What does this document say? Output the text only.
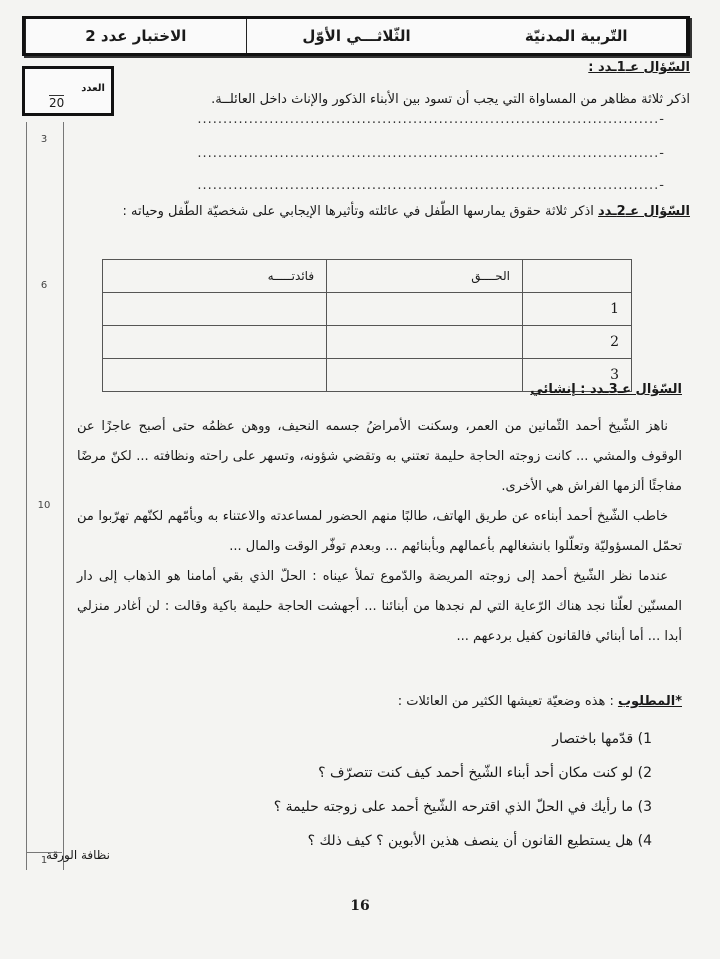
الاختبار عدد 2	الثّلاثـــي الأوّل	التّربية المدنيّة
العدد
20
3
6
10
1
السّؤال عـ1ـدد :
اذكر ثلاثة مظاهر من المساواة التي يجب أن تسود بين الأبناء الذكور والإناث داخل العائلــة.
-..........................................................................................
-..........................................................................................
-..........................................................................................
السّؤال عـ2ـدد اذكر ثلاثة حقوق يمارسها الطّفل في عائلته وتأثيرها الإيجابي على شخصيّة الطّفل وحياته :
	الحــــق	فائدتـــــه
1		
2		
3		
السّؤال عـ3ـدد : إنشائي
ناهز الشّيخ أحمد الثّمانين من العمر، وسكنت الأمراضُ جسمه النحيف، ووهن عظمُه حتى أصبح عاجزًا عن الوقوف والمشي ... كانت زوجته الحاجة حليمة تعتني به وتقضي شؤونه، وتسهر على راحته ونظافته ... لكنّ مرضًا مفاجئًا ألزمها الفراش هي الأخرى.
خاطب الشّيخ أحمد أبناءه عن طريق الهاتف، طالبًا منهم الحضور لمساعدته والاعتناء به وبأمّهم لكنّهم تهرّبوا من تحمّل المسؤوليّة وتعلّلوا بانشغالهم بأعمالهم وبأبنائهم ... وبعدم توفّر الوقت والمال ...
عندما نظر الشّيخ أحمد إلى زوجته المريضة والدّموع تملأ عيناه : الحلّ الذي بقي أمامنا هو الذهاب إلى دار المسنّين لعلّنا نجد هناك الرّعاية التي لم نجدها من أبنائنا ... أجهشت الحاجة حليمة باكية وقالت : لن أغادر منزلي أبدا ... أما أبنائي فالقانون كفيل بردعهم ...
*المطلوب : هذه وضعيّة تعيشها الكثير من العائلات :
1) قدّمها باختصار
2) لو كنت مكان أحد أبناء الشّيخ أحمد كيف كنت تتصرّف ؟
3) ما رأيك في الحلّ الذي اقترحه الشّيخ أحمد على زوجته حليمة ؟
4) هل يستطيع القانون أن ينصف هذين الأبوين ؟ كيف ذلك ؟
نظافة الورقة
16
